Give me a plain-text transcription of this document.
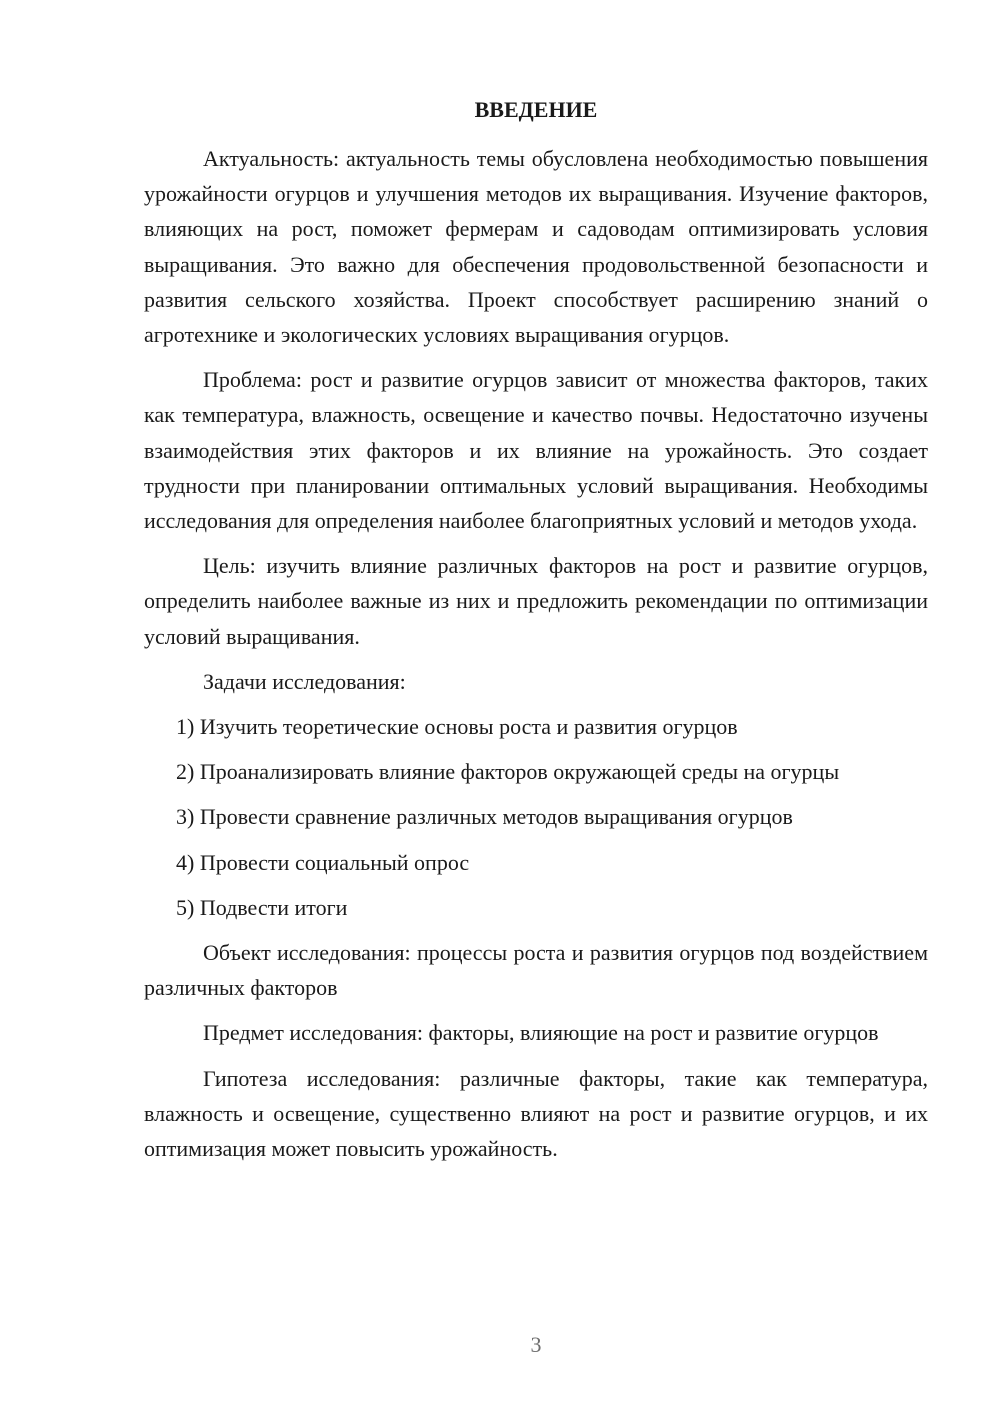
ВВЕДЕНИЕ

Актуальность: актуальность темы обусловлена необходимостью повышения урожайности огурцов и улучшения методов их выращивания. Изучение факторов, влияющих на рост, поможет фермерам и садоводам оптимизировать условия выращивания. Это важно для обеспечения продовольственной безопасности и развития сельского хозяйства. Проект способствует расширению знаний о агротехнике и экологических условиях выращивания огурцов.

Проблема: рост и развитие огурцов зависит от множества факторов, таких как температура, влажность, освещение и качество почвы. Недостаточно изучены взаимодействия этих факторов и их влияние на урожайность. Это создает трудности при планировании оптимальных условий выращивания. Необходимы исследования для определения наиболее благоприятных условий и методов ухода.

Цель: изучить влияние различных факторов на рост и развитие огурцов, определить наиболее важные из них и предложить рекомендации по оптимизации условий выращивания.

Задачи исследования:

1) Изучить теоретические основы роста и развития огурцов

2) Проанализировать влияние факторов окружающей среды на огурцы

3) Провести сравнение различных методов выращивания огурцов

4) Провести социальный опрос

5) Подвести итоги

Объект исследования: процессы роста и развития огурцов под воздействием различных факторов

Предмет исследования: факторы, влияющие на рост и развитие огурцов

Гипотеза исследования: различные факторы, такие как температура, влажность и освещение, существенно влияют на рост и развитие огурцов, и их оптимизация может повысить урожайность.

3
